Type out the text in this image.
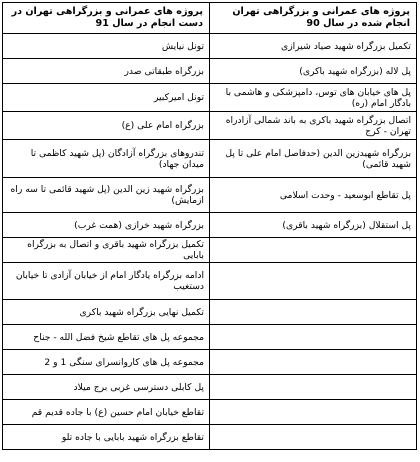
پروژه های عمرانی و بزرگراهی تهران انجام شده در سال 90	پروژه های عمرانی و بزرگراهی تهران در دست انجام در سال 91
تکمیل بزرگراه شهید صیاد شیرازی	تونل نیایش
پل لاله (بزرگراه شهید باکری)	بزرگراه طبقاتی صدر
پل های خیابان های توس، دامپزشکی و هاشمی با بادگار امام (ره)	تونل امیرکبیر
اتصال بزرگراه شهید باکری به باند شمالی آزادراه تهران - کرج	بزرگراه امام علی (ع)
بزرگراه شهیدزین الدین (حدفاصل امام علی تا پل شهید قائمی)	تندروهای بزرگراه آزادگان (پل شهید کاظمی تا میدان جهاد)
پل تقاطع ابوسعید - وحدت اسلامی	بزرگراه شهید زین الدین (پل شهید قائمی تا سه راه ازمایش)
پل استقلال (بزرگراه شهید باقری)	بزرگراه شهید خرازی (همت غرب)
	تکمیل بزرگراه شهید باقری و اتصال به بزرگراه بابایی
	ادامه بزرگراه یادگار امام از خیابان آزادی تا خیابان دستغیب
	تکمیل نهایی بزرگراه شهید باکری
	مجموعه پل های تقاطع شیخ فضل الله - جناح
	مجموعه پل های کاروانسرای سنگی 1 و 2
	پل کابلی دسترسی غربی برج میلاد
	تقاطع خیابان امام حسین (ع) با جاده قدیم قم
	تقاطع بزرگراه شهید بابایی با جاده تلو
